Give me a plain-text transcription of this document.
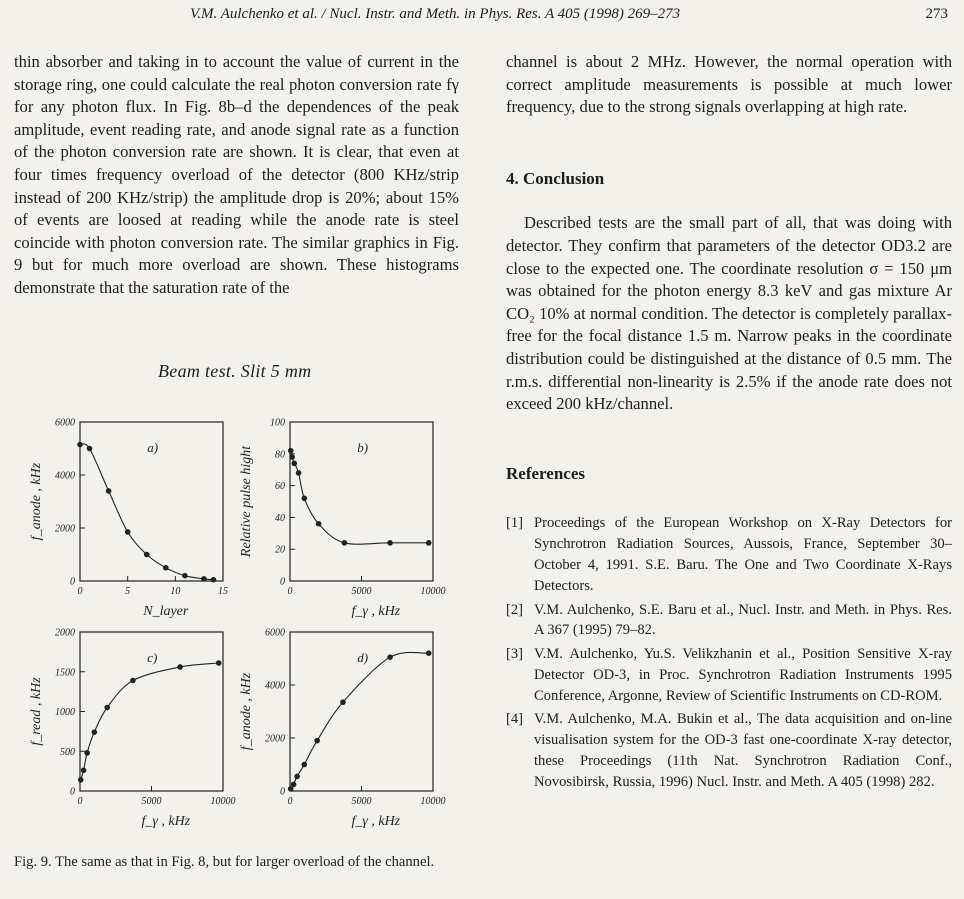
V.M. Aulchenko et al. / Nucl. Instr. and Meth. in Phys. Res. A 405 (1998) 269–273	273

thin absorber and taking in to account the value of current in the storage ring, one could calculate the real photon conversion rate fγ for any photon flux. In Fig. 8b–d the dependences of the peak amplitude, event reading rate, and anode signal rate as a function of the photon conversion rate are shown. It is clear, that even at four times frequency overload of the detector (800 KHz/strip instead of 200 KHz/strip) the amplitude drop is 20%; about 15% of events are loosed at reading while the anode rate is steel coincide with photon conversion rate. The similar graphics in Fig. 9 but for much more overload are shown. These histograms demonstrate that the saturation rate of the

Beam test. Slit 5 mm
0	5	10	15
0
2000
4000
6000
a)
f_anode , kHz
N_layer
0	5000	10000
0
20
40
60
80
100
b)
Relative pulse hight
f_γ , kHz
0	5000	10000
0
500
1000
1500
2000
c)
f_read , kHz
f_γ , kHz
0	5000	10000
0
2000
4000
6000
d)
f_anode , kHz
f_γ , kHz
Fig. 9. The same as that in Fig. 8, but for larger overload of the channel.

channel is about 2 MHz. However, the normal operation with correct amplitude measurements is possible at much lower frequency, due to the strong signals overlapping at high rate.

4. Conclusion

Described tests are the small part of all, that was doing with detector. They confirm that parameters of the detector OD3.2 are close to the expected one. The coordinate resolution σ = 150 μm was obtained for the photon energy 8.3 keV and gas mixture Ar CO₂ 10% at normal condition. The detector is completely parallax-free for the focal distance 1.5 m. Narrow peaks in the coordinate distribution could be distinguished at the distance of 0.5 mm. The r.m.s. differential non-linearity is 2.5% if the anode rate does not exceed 200 kHz/channel.

References

[1] Proceedings of the European Workshop on X-Ray Detectors for Synchrotron Radiation Sources, Aussois, France, September 30–October 4, 1991. S.E. Baru. The One and Two Coordinate X-Rays Detectors.
[2] V.M. Aulchenko, S.E. Baru et al., Nucl. Instr. and Meth. in Phys. Res. A 367 (1995) 79–82.
[3] V.M. Aulchenko, Yu.S. Velikzhanin et al., Position Sensitive X-ray Detector OD-3, in Proc. Synchrotron Radiation Instruments 1995 Conference, Argonne, Review of Scientific Instruments on CD-ROM.
[4] V.M. Aulchenko, M.A. Bukin et al., The data acquisition and on-line visualisation system for the OD-3 fast one-coordinate X-ray detector, these Proceedings (11th Nat. Synchrotron Radiation Conf., Novosibirsk, Russia, 1996) Nucl. Instr. and Meth. A 405 (1998) 282.
